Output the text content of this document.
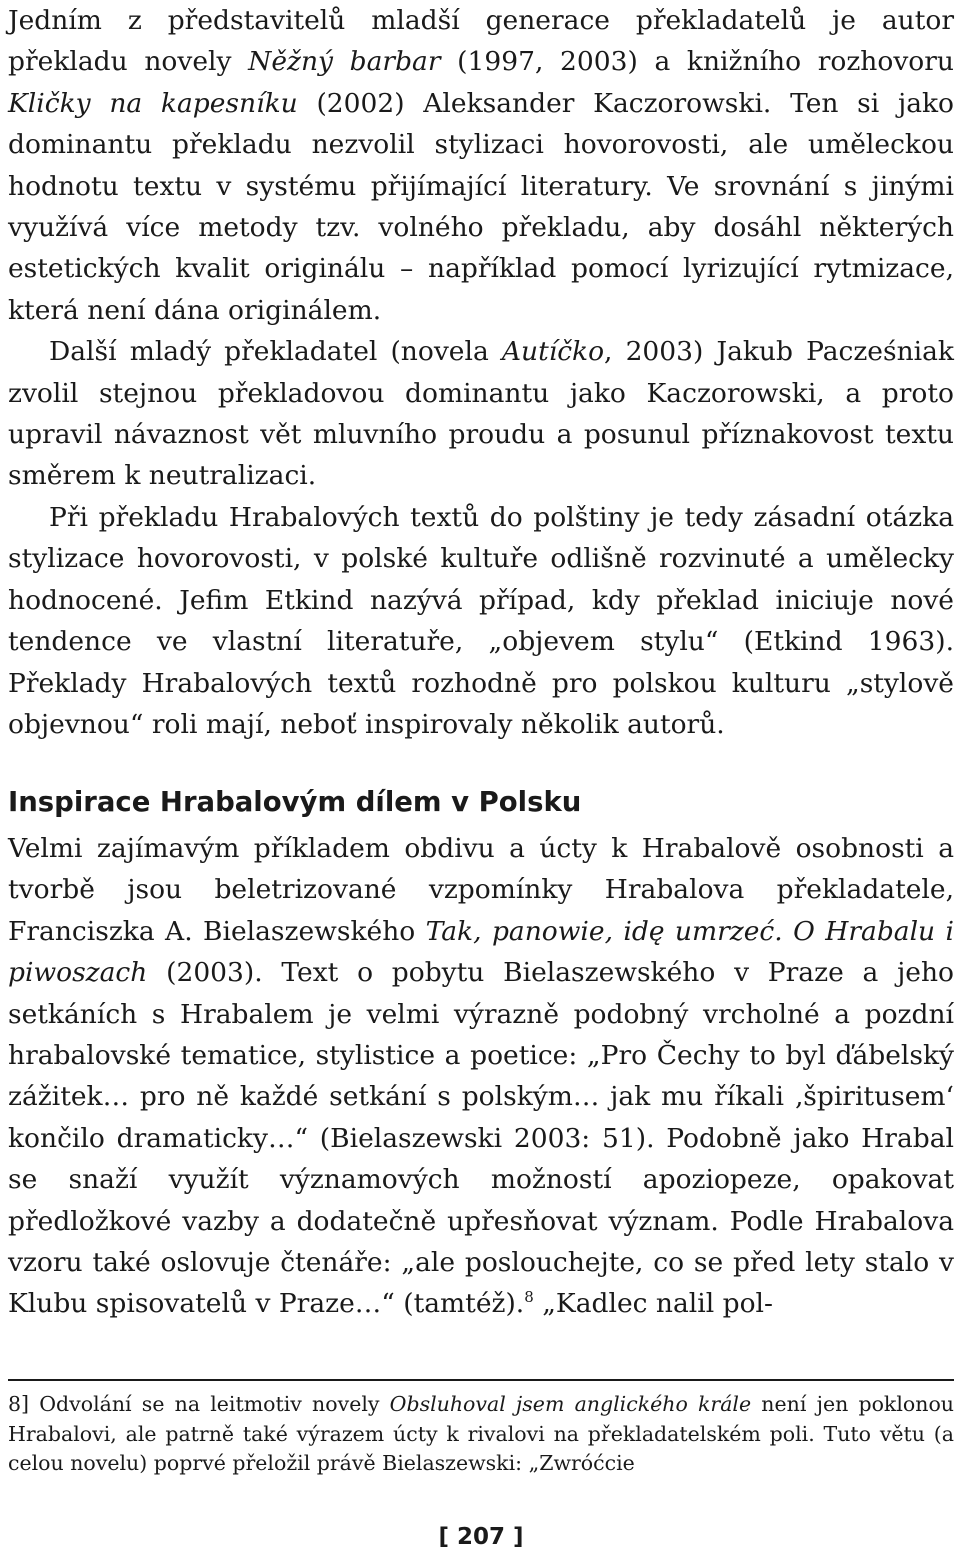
Jedním z představitelů mladší generace překladatelů je autor překladu novely Něžný barbar (1997, 2003) a knižního rozhovoru Kličky na kapesníku (2002) Aleksander Kaczorowski. Ten si jako dominantu překladu nezvolil stylizaci hovorovosti, ale uměleckou hodnotu textu v systému přijímající literatury. Ve srovnání s jinými využívá více metody tzv. volného překladu, aby dosáhl některých estetických kvalit originálu – například pomocí lyrizující rytmizace, která není dána originálem.

Další mladý překladatel (novela Autíčko, 2003) Jakub Pacześniak zvolil stejnou překladovou dominantu jako Kaczorowski, a proto upravil návaznost vět mluvního proudu a posunul příznakovost textu směrem k neutralizaci.

Při překladu Hrabalových textů do polštiny je tedy zásadní otázka stylizace hovorovosti, v polské kultuře odlišně rozvinuté a umělecky hodnocené. Jefim Etkind nazývá případ, kdy překlad iniciuje nové tendence ve vlastní literatuře, „objevem stylu“ (Etkind 1963). Překlady Hrabalových textů rozhodně pro polskou kulturu „stylově objevnou“ roli mají, neboť inspirovaly několik autorů.

Inspirace Hrabalovým dílem v Polsku

Velmi zajímavým příkladem obdivu a úcty k Hrabalově osobnosti a tvorbě jsou beletrizované vzpomínky Hrabalova překladatele, Franciszka A. Bielaszewského Tak, panowie, idę umrzeć. O Hrabalu i piwoszach (2003). Text o pobytu Bielaszewského v Praze a jeho setkáních s Hrabalem je velmi výrazně podobný vrcholné a pozdní hrabalovské tematice, stylistice a poetice: „Pro Čechy to byl ďábelský zážitek… pro ně každé setkání s polským… jak mu říkali ‚špiritusem‘ končilo dramaticky…“ (Bielaszewski 2003: 51). Podobně jako Hrabal se snaží využít významových možností apoziopeze, opakovat předložkové vazby a dodatečně upřesňovat význam. Podle Hrabalova vzoru také oslovuje čtenáře: „ale poslouchejte, co se před lety stalo v Klubu spisovatelů v Praze…“ (tamtéž).$^8$ „Kadlec nalil pol-

8] Odvolání se na leitmotiv novely Obsluhoval jsem anglického krále není jen poklonou Hrabalovi, ale patrně také výrazem úcty k rivalovi na překladatelském poli. Tuto větu (a celou novelu) poprvé přeložil právě Bielaszewski: „Zwróćcie

[ 207 ]
